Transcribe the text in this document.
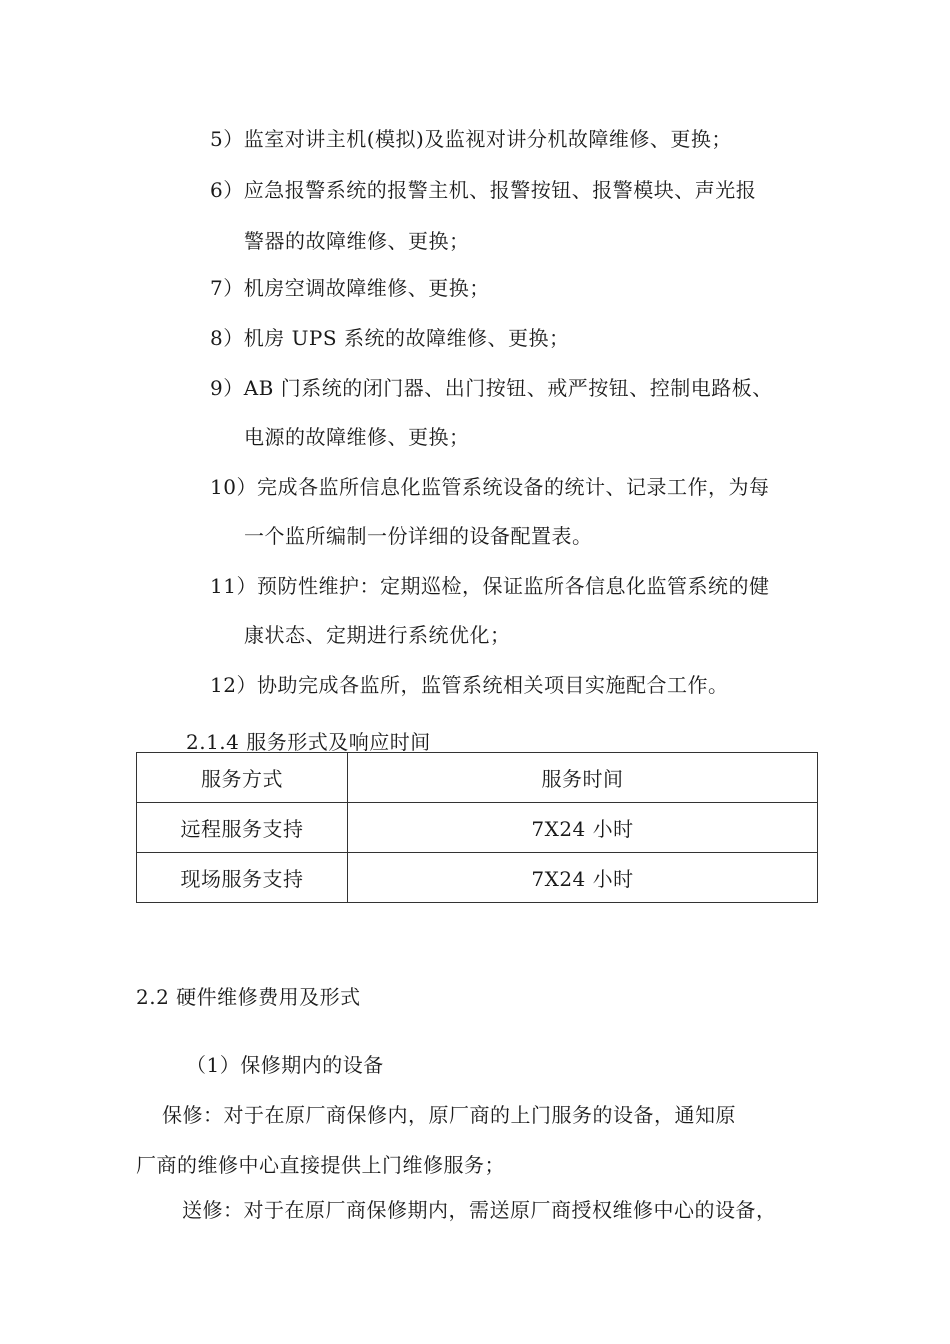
5）监室对讲主机(模拟)及监视对讲分机故障维修、更换；
6）应急报警系统的报警主机、报警按钮、报警模块、声光报
警器的故障维修、更换；
7）机房空调故障维修、更换；
8）机房 UPS 系统的故障维修、更换；
9）AB 门系统的闭门器、出门按钮、戒严按钮、控制电路板、
电源的故障维修、更换；
10）完成各监所信息化监管系统设备的统计、记录工作，为每
一个监所编制一份详细的设备配置表。
11）预防性维护：定期巡检，保证监所各信息化监管系统的健
康状态、定期进行系统优化；
12）协助完成各监所，监管系统相关项目实施配合工作。
2.1.4 服务形式及响应时间
服务方式	服务时间
远程服务支持	7X24 小时
现场服务支持	7X24 小时
2.2 硬件维修费用及形式
（1）保修期内的设备
保修：对于在原厂商保修内，原厂商的上门服务的设备，通知原
厂商的维修中心直接提供上门维修服务；
送修：对于在原厂商保修期内，需送原厂商授权维修中心的设备，
